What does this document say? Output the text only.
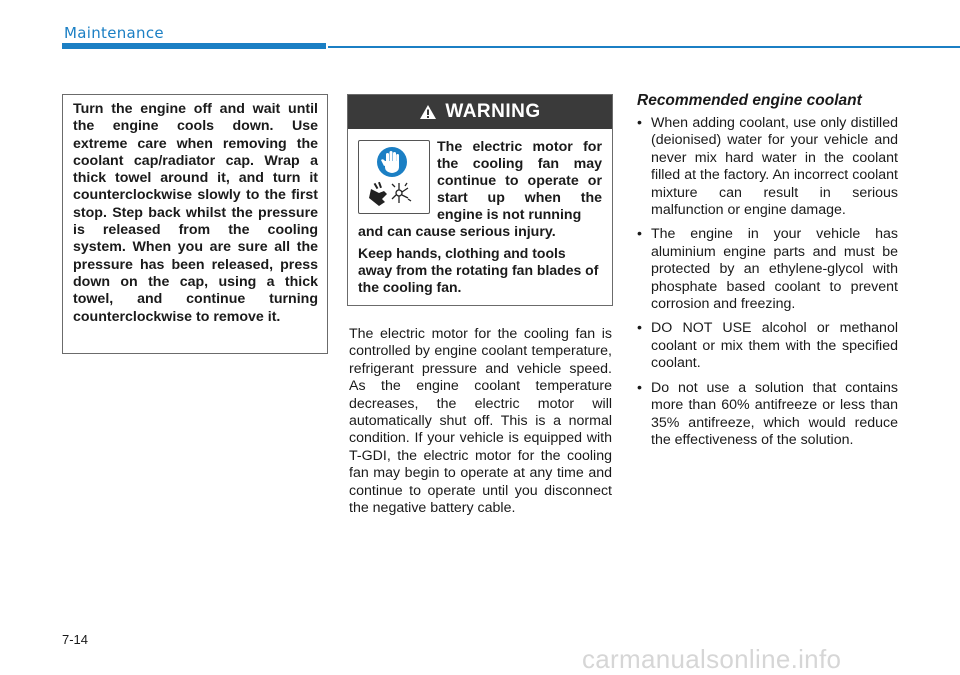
Maintenance

Turn the engine off and wait until the engine cools down. Use extreme care when removing the coolant cap/radiator cap. Wrap a thick towel around it, and turn it counterclockwise slowly to the first stop. Step back whilst the pressure is released from the cooling system. When you are sure all the pressure has been released, press down on the cap, using a thick towel, and continue turning counterclockwise to remove it.

WARNING

The electric motor for the cooling fan may continue to operate or start up when the engine is not running

and can cause serious injury.

Keep hands, clothing and tools away from the rotating fan blades of the cooling fan.

The electric motor for the cooling fan is controlled by engine coolant temperature, refrigerant pressure and vehicle speed. As the engine coolant temperature decreases, the electric motor will automatically shut off. This is a normal condition. If your vehicle is equipped with T-GDI, the electric motor for the cooling fan may begin to operate at any time and continue to operate until you disconnect the negative battery cable.

Recommended engine coolant
• When adding coolant, use only distilled (deionised) water for your vehicle and never mix hard water in the coolant filled at the factory. An incorrect coolant mixture can result in serious malfunction or engine damage.
• The engine in your vehicle has aluminium engine parts and must be protected by an ethylene-glycol with phosphate based coolant to prevent corrosion and freezing.
• DO NOT USE alcohol or methanol coolant or mix them with the specified coolant.
• Do not use a solution that contains more than 60% antifreeze or less than 35% antifreeze, which would reduce the effectiveness of the solution.
7-14
carmanualsonline.info
